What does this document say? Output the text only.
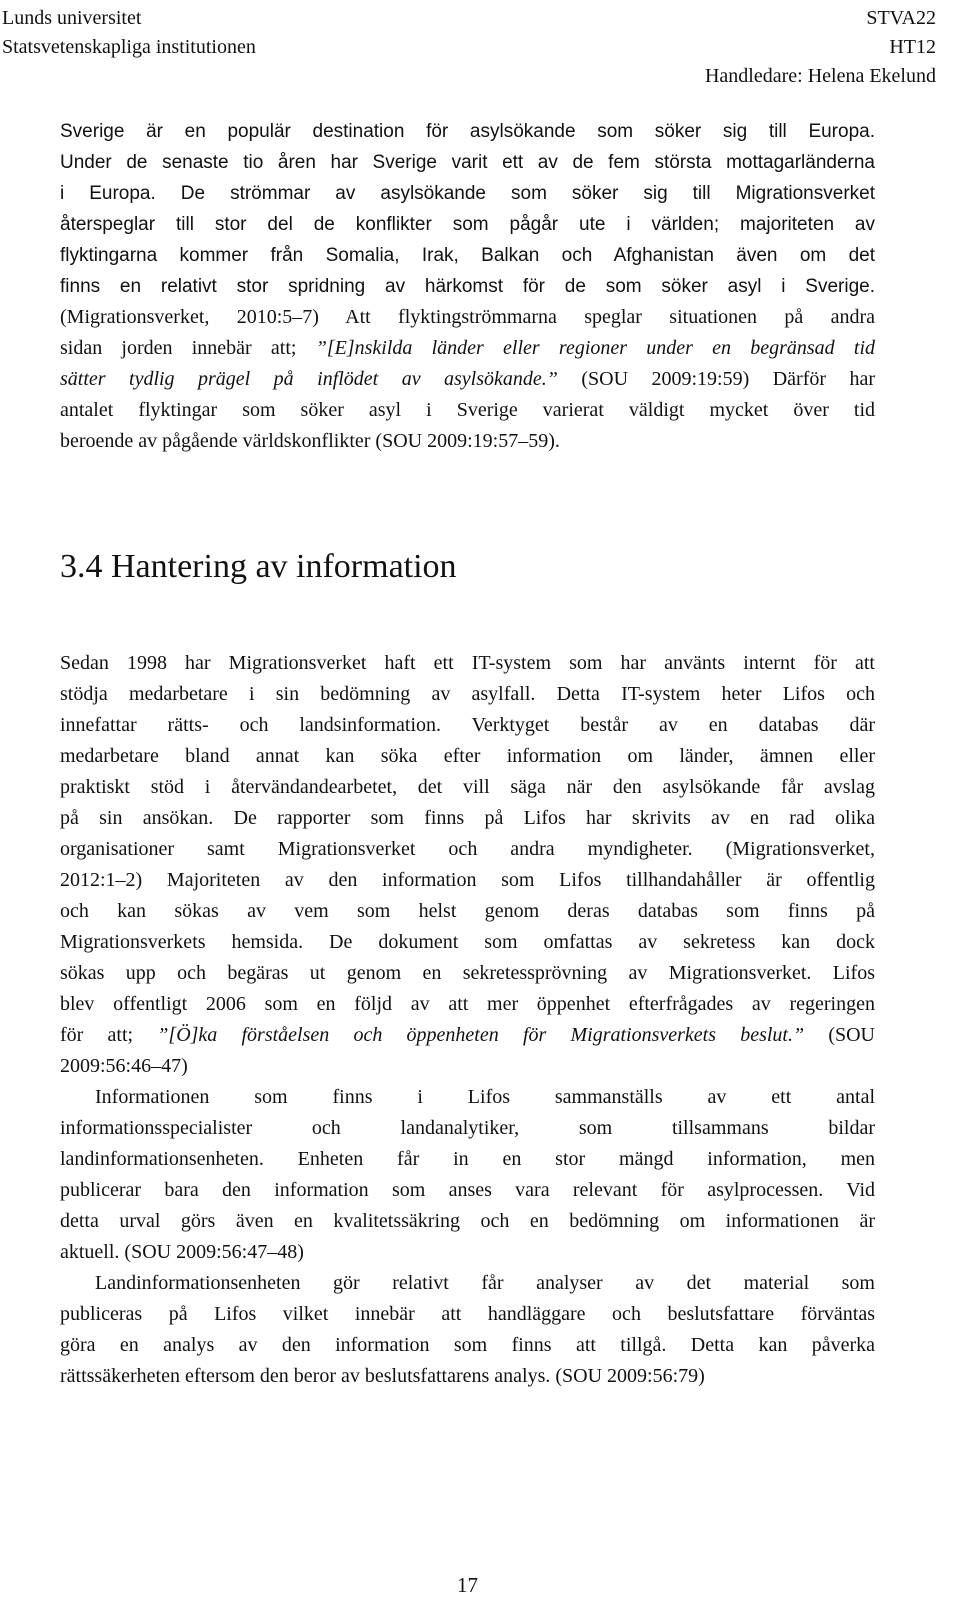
Lunds universitet
Statsvetenskapliga institutionen
STVA22
HT12
Handledare: Helena Ekelund
Sverige är en populär destination för asylsökande som söker sig till Europa.
Under de senaste tio åren har Sverige varit ett av de fem största mottagarländerna
i Europa. De strömmar av asylsökande som söker sig till Migrationsverket
återspeglar till stor del de konflikter som pågår ute i världen; majoriteten av
flyktingarna kommer från Somalia, Irak, Balkan och Afghanistan även om det
finns en relativt stor spridning av härkomst för de som söker asyl i Sverige.
(Migrationsverket, 2010:5–7) Att flyktingströmmarna speglar situationen på andra
sidan jorden innebär att; ”[E]nskilda länder eller regioner under en begränsad tid
sätter tydlig prägel på inflödet av asylsökande.” (SOU 2009:19:59) Därför har
antalet flyktingar som söker asyl i Sverige varierat väldigt mycket över tid
beroende av pågående världskonflikter (SOU 2009:19:57–59).
3.4 Hantering av information
Sedan 1998 har Migrationsverket haft ett IT-system som har använts internt för att
stödja medarbetare i sin bedömning av asylfall. Detta IT-system heter Lifos och
innefattar rätts- och landsinformation. Verktyget består av en databas där
medarbetare bland annat kan söka efter information om länder, ämnen eller
praktiskt stöd i återvändandearbetet, det vill säga när den asylsökande får avslag
på sin ansökan. De rapporter som finns på Lifos har skrivits av en rad olika
organisationer samt Migrationsverket och andra myndigheter. (Migrationsverket,
2012:1–2) Majoriteten av den information som Lifos tillhandahåller är offentlig
och kan sökas av vem som helst genom deras databas som finns på
Migrationsverkets hemsida. De dokument som omfattas av sekretess kan dock
sökas upp och begäras ut genom en sekretessprövning av Migrationsverket. Lifos
blev offentligt 2006 som en följd av att mer öppenhet efterfrågades av regeringen
för att; ”[Ö]ka förståelsen och öppenheten för Migrationsverkets beslut.” (SOU
2009:56:46–47)
Informationen som finns i Lifos sammanställs av ett antal
informationsspecialister och landanalytiker, som tillsammans bildar
landinformationsenheten. Enheten får in en stor mängd information, men
publicerar bara den information som anses vara relevant för asylprocessen. Vid
detta urval görs även en kvalitetssäkring och en bedömning om informationen är
aktuell. (SOU 2009:56:47–48)
Landinformationsenheten gör relativt får analyser av det material som
publiceras på Lifos vilket innebär att handläggare och beslutsfattare förväntas
göra en analys av den information som finns att tillgå. Detta kan påverka
rättssäkerheten eftersom den beror av beslutsfattarens analys. (SOU 2009:56:79)
17
